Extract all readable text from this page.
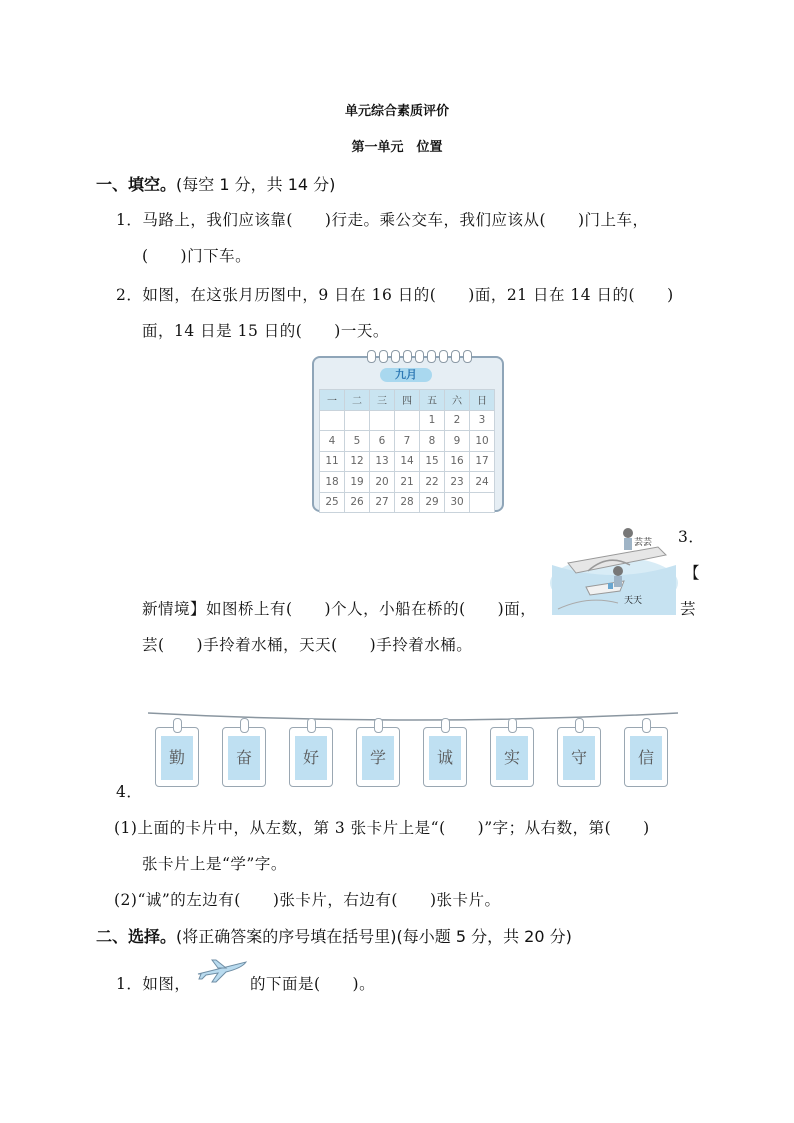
单元综合素质评价
第一单元　位置
一、填空。(每空 1 分，共 14 分)
1．马路上，我们应该靠(　　)行走。乘公交车，我们应该从(　　)门上车，
(　　)门下车。
2．如图，在这张月历图中，9 日在 16 日的(　　)面，21 日在 14 日的(　　)
面，14 日是 15 日的(　　)一天。
九月
一	二	三	四	五	六	日
				1	2	3
4	5	6	7	8	9	10
11	12	13	14	15	16	17
18	19	20	21	22	23	24
25	26	27	28	29	30	
3．
【
芸芸
天天
新情境】如图桥上有(　　)个人，小船在桥的(　　)面，	芸
芸(　　)手拎着水桶，天天(　　)手拎着水桶。
勤	奋	好	学	诚	实	守	信
4．
(1)上面的卡片中，从左数，第 3 张卡片上是“(　　)”字；从右数，第(　　)
张卡片上是“学”字。
(2)“诚”的左边有(　　)张卡片，右边有(　　)张卡片。
二、选择。(将正确答案的序号填在括号里)(每小题 5 分，共 20 分)
1．如图，	的下面是(　　)。
